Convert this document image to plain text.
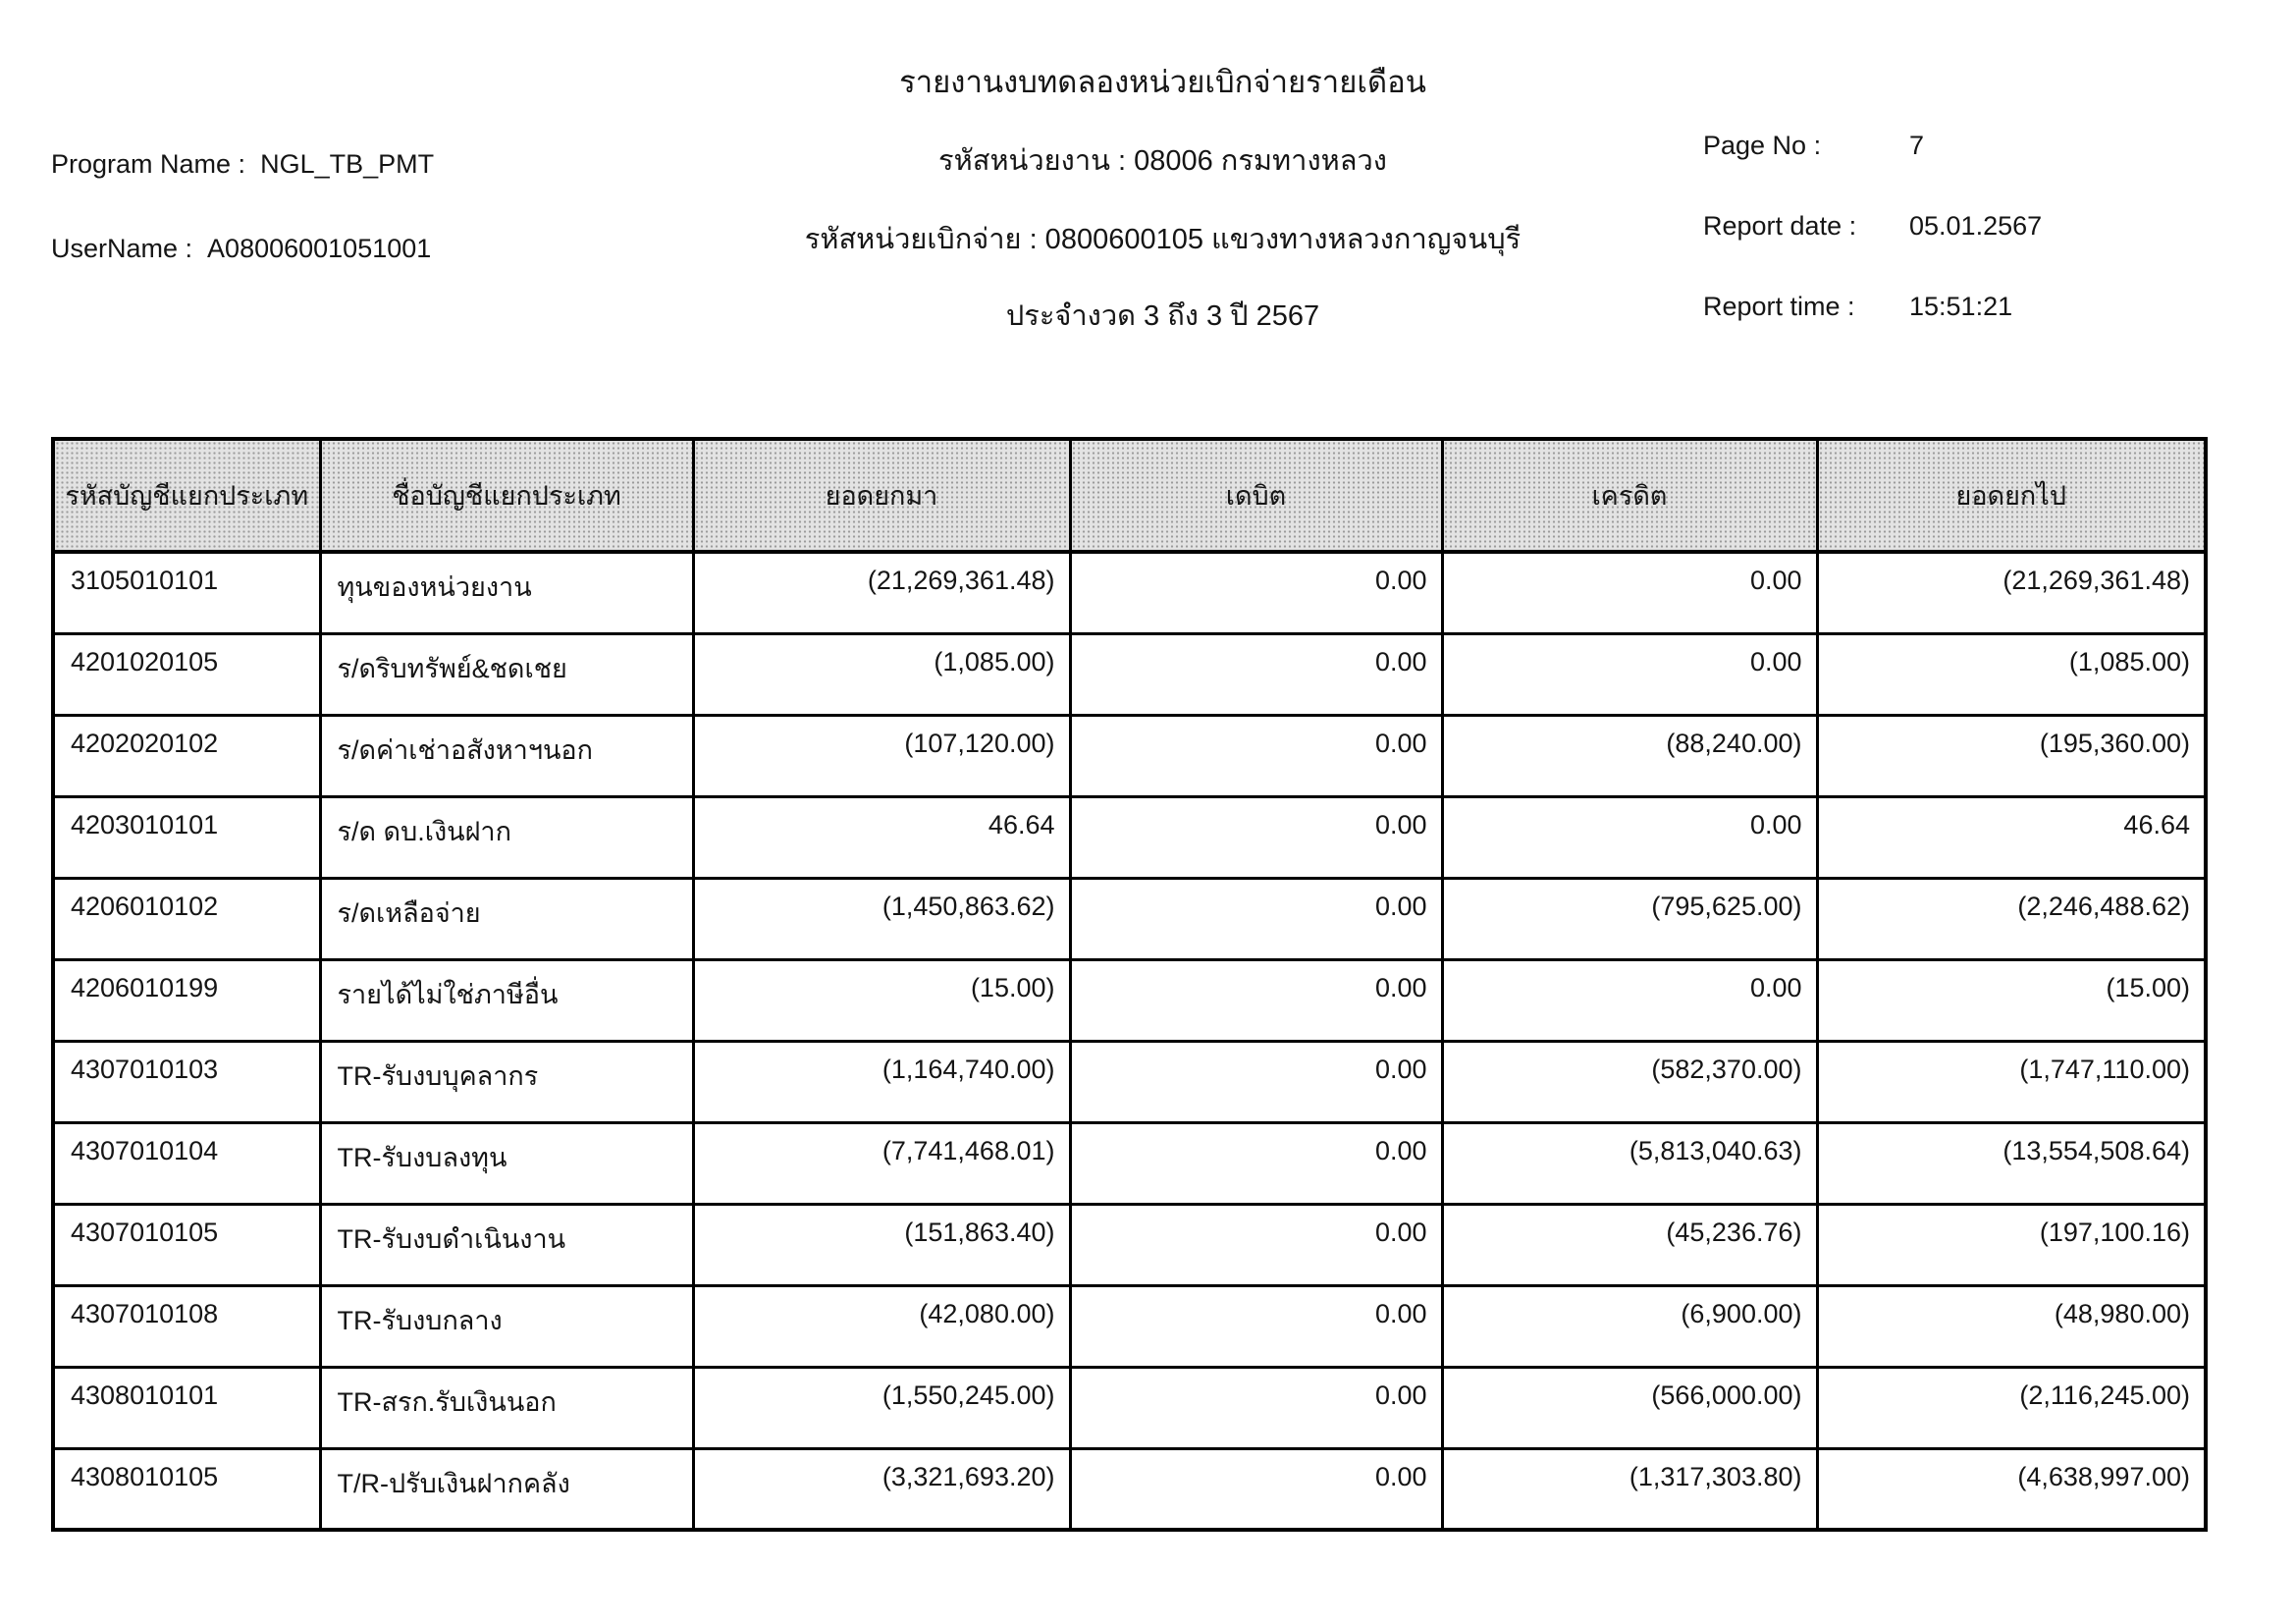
Program Name : NGL_TB_PMT
UserName : A08006001051001
รายงานงบทดลองหน่วยเบิกจ่ายรายเดือน
รหัสหน่วยงาน : 08006 กรมทางหลวง
รหัสหน่วยเบิกจ่าย : 0800600105 แขวงทางหลวงกาญจนบุรี
ประจำงวด 3 ถึง 3 ปี 2567
Page No :	7
Report date : 05.01.2567
Report time : 15:51:21
รหัสบัญชีแยกประเภท	ชื่อบัญชีแยกประเภท	ยอดยกมา	เดบิต	เครดิต	ยอดยกไป
3105010101	ทุนของหน่วยงาน	(21,269,361.48)	0.00	0.00	(21,269,361.48)
4201020105	ร/ดริบทรัพย์&ชดเชย	(1,085.00)	0.00	0.00	(1,085.00)
4202020102	ร/ดค่าเช่าอสังหาฯนอก	(107,120.00)	0.00	(88,240.00)	(195,360.00)
4203010101	ร/ด ดบ.เงินฝาก	46.64	0.00	0.00	46.64
4206010102	ร/ดเหลือจ่าย	(1,450,863.62)	0.00	(795,625.00)	(2,246,488.62)
4206010199	รายได้ไม่ใช่ภาษีอื่น	(15.00)	0.00	0.00	(15.00)
4307010103	TR-รับงบบุคลากร	(1,164,740.00)	0.00	(582,370.00)	(1,747,110.00)
4307010104	TR-รับงบลงทุน	(7,741,468.01)	0.00	(5,813,040.63)	(13,554,508.64)
4307010105	TR-รับงบดำเนินงาน	(151,863.40)	0.00	(45,236.76)	(197,100.16)
4307010108	TR-รับงบกลาง	(42,080.00)	0.00	(6,900.00)	(48,980.00)
4308010101	TR-สรก.รับเงินนอก	(1,550,245.00)	0.00	(566,000.00)	(2,116,245.00)
4308010105	T/R-ปรับเงินฝากคลัง	(3,321,693.20)	0.00	(1,317,303.80)	(4,638,997.00)
